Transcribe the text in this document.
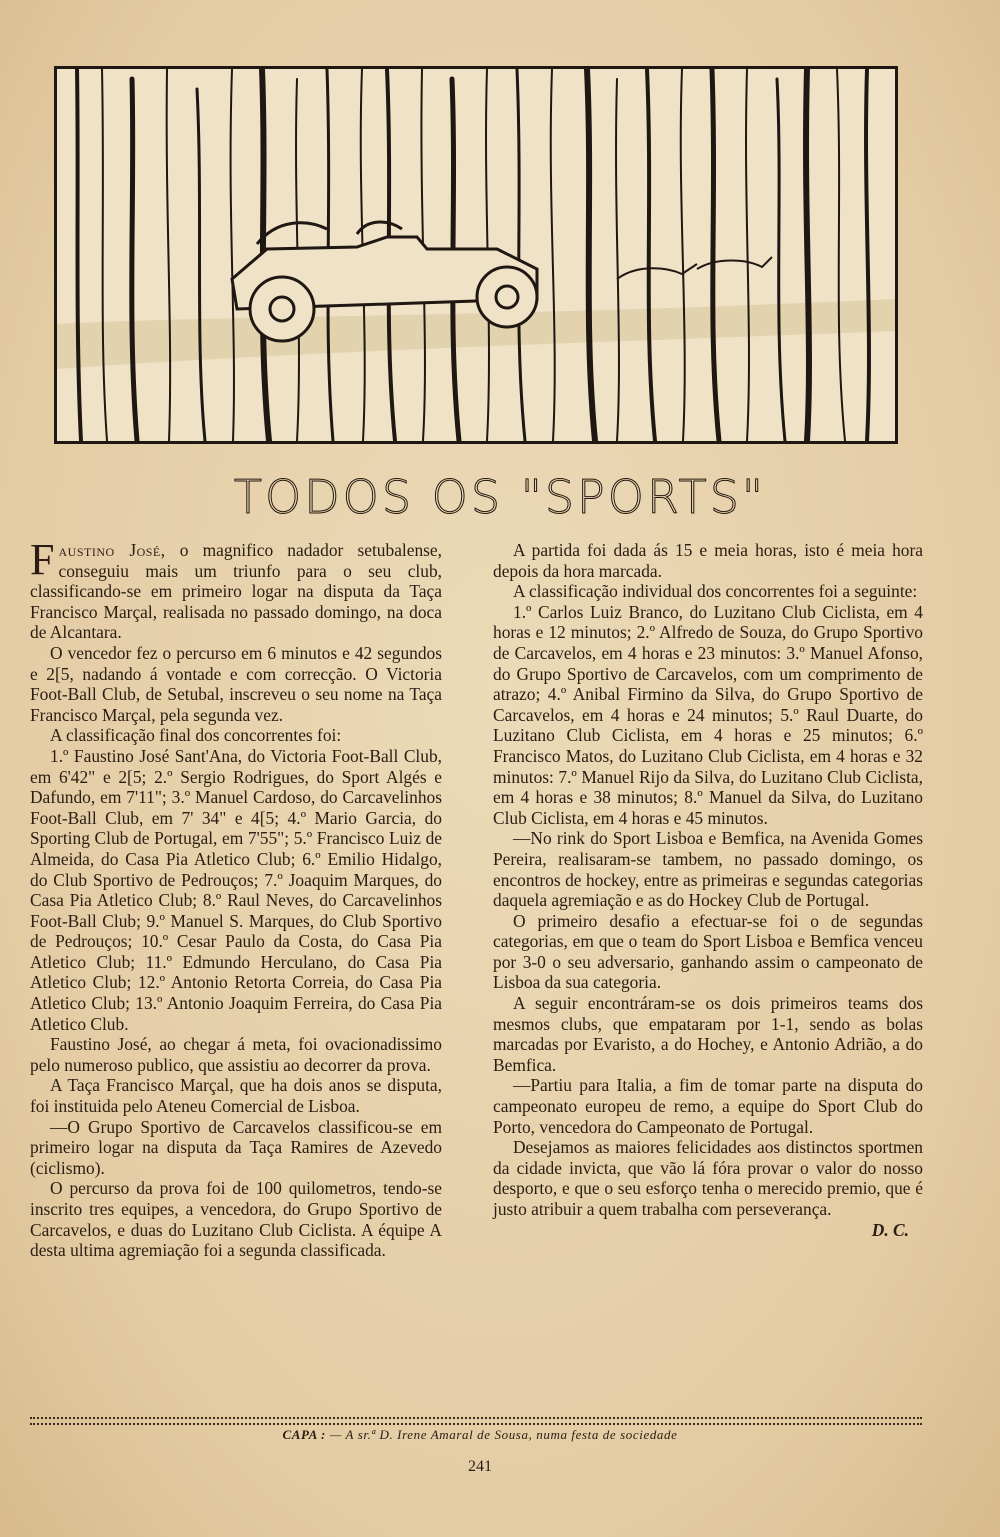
TODOS OS "SPORTS"

Faustino José, o magnifico nadador setubalense, conseguiu mais um triunfo para o seu club, classificando-se em primeiro logar na disputa da Taça Francisco Marçal, realisada no passado domingo, na doca de Alcantara.

O vencedor fez o percurso em 6 minutos e 42 segundos e 2[5, nadando á vontade e com correcção. O Victoria Foot-Ball Club, de Setubal, inscreveu o seu nome na Taça Francisco Marçal, pela segunda vez.

A classificação final dos concorrentes foi:

1.º Faustino José Sant'Ana, do Victoria Foot-Ball Club, em 6'42" e 2[5; 2.º Sergio Rodrigues, do Sport Algés e Dafundo, em 7'11"; 3.º Manuel Cardoso, do Carcavelinhos Foot-Ball Club, em 7' 34" e 4[5; 4.º Mario Garcia, do Sporting Club de Portugal, em 7'55"; 5.º Francisco Luiz de Almeida, do Casa Pia Atletico Club; 6.º Emilio Hidalgo, do Club Sportivo de Pedrouços; 7.º Joaquim Marques, do Casa Pia Atletico Club; 8.º Raul Neves, do Carcavelinhos Foot-Ball Club; 9.º Manuel S. Marques, do Club Sportivo de Pedrouços; 10.º Cesar Paulo da Costa, do Casa Pia Atletico Club; 11.º Edmundo Herculano, do Casa Pia Atletico Club; 12.º Antonio Retorta Correia, do Casa Pia Atletico Club; 13.º Antonio Joaquim Ferreira, do Casa Pia Atletico Club.

Faustino José, ao chegar á meta, foi ovacionadissimo pelo numeroso publico, que assistiu ao decorrer da prova.

A Taça Francisco Marçal, que ha dois anos se disputa, foi instituida pelo Ateneu Comercial de Lisboa.

—O Grupo Sportivo de Carcavelos classificou-se em primeiro logar na disputa da Taça Ramires de Azevedo (ciclismo).

O percurso da prova foi de 100 quilometros, tendo-se inscrito tres equipes, a vencedora, do Grupo Sportivo de Carcavelos, e duas do Luzitano Club Ciclista. A équipe A desta ultima agremiação foi a segunda classificada.

A partida foi dada ás 15 e meia horas, isto é meia hora depois da hora marcada.

A classificação individual dos concorrentes foi a seguinte:

1.º Carlos Luiz Branco, do Luzitano Club Ciclista, em 4 horas e 12 minutos; 2.º Alfredo de Souza, do Grupo Sportivo de Carcavelos, em 4 horas e 23 minutos: 3.º Manuel Afonso, do Grupo Sportivo de Carcavelos, com um comprimento de atrazo; 4.º Anibal Firmino da Silva, do Grupo Sportivo de Carcavelos, em 4 horas e 24 minutos; 5.º Raul Duarte, do Luzitano Club Ciclista, em 4 horas e 25 minutos; 6.º Francisco Matos, do Luzitano Club Ciclista, em 4 horas e 32 minutos: 7.º Manuel Rijo da Silva, do Luzitano Club Ciclista, em 4 horas e 38 minutos; 8.º Manuel da Silva, do Luzitano Club Ciclista, em 4 horas e 45 minutos.

—No rink do Sport Lisboa e Bemfica, na Avenida Gomes Pereira, realisaram-se tambem, no passado domingo, os encontros de hockey, entre as primeiras e segundas categorias daquela agremiação e as do Hockey Club de Portugal.

O primeiro desafio a efectuar-se foi o de segundas categorias, em que o team do Sport Lisboa e Bemfica venceu por 3-0 o seu adversario, ganhando assim o campeonato de Lisboa da sua categoria.

A seguir encontráram-se os dois primeiros teams dos mesmos clubs, que empataram por 1-1, sendo as bolas marcadas por Evaristo, a do Hochey, e Antonio Adrião, a do Bemfica.

—Partiu para Italia, a fim de tomar parte na disputa do campeonato europeu de remo, a equipe do Sport Club do Porto, vencedora do Campeonato de Portugal.

Desejamos as maiores felicidades aos distinctos sportmen da cidade invicta, que vão lá fóra provar o valor do nosso desporto, e que o seu esforço tenha o merecido premio, que é justo atribuir a quem trabalha com perseverança.

D. C.
CAPA : — A sr.ª D. Irene Amaral de Sousa, numa festa de sociedade
241
